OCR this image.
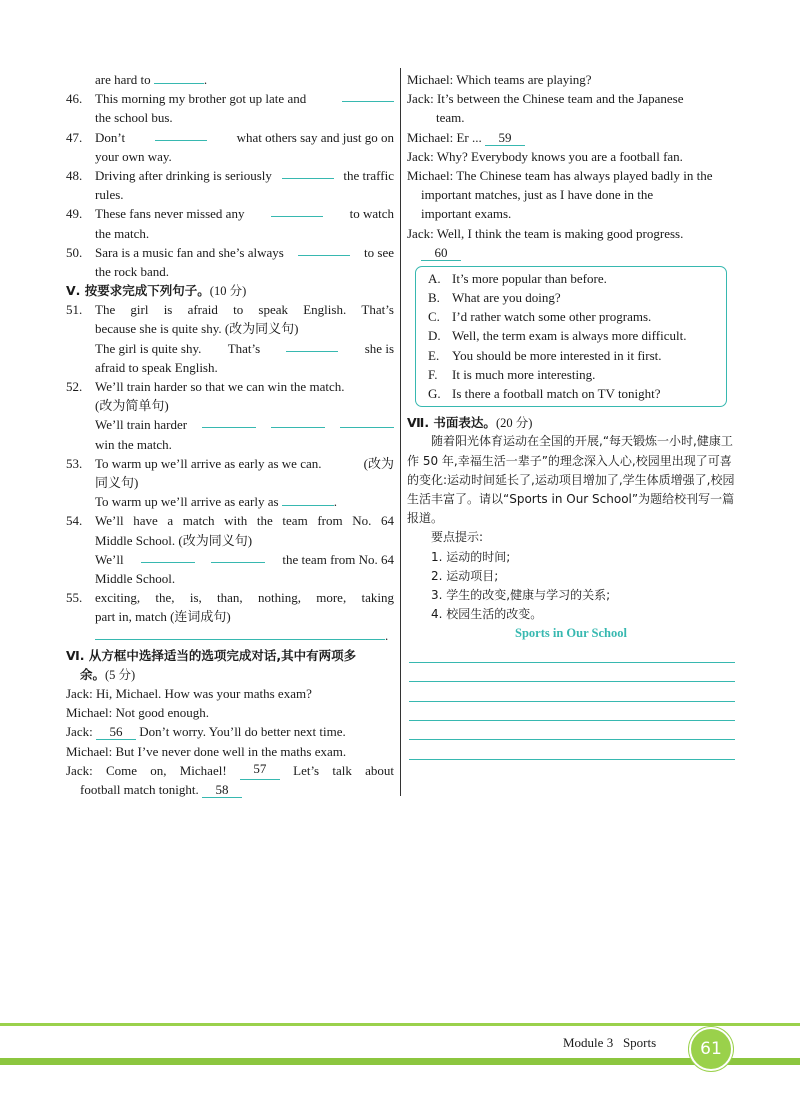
are hard to	.
46. This morning my brother got up late and
the school bus.
47. Don’t	what others say and just go on
your own way.
48. Driving after drinking is seriously	the traffic
rules.
49. These fans never missed any	to watch
the match.
50. Sara is a music fan and she’s always	to see
the rock band.
Ⅴ. 按要求完成下列句子。(10 分)
51. The girl is afraid to speak English. That’s
because she is quite shy. (改为同义句)
The girl is quite shy. That’s	she is
afraid to speak English.
52. We’ll train harder so that we can win the match.
(改为简单句)
We’ll train harder
win the match.
53. To warm up we’ll arrive as early as we can.	(改为
同义句)
To warm up we’ll arrive as early as	.
54. We’ll have a match with the team from No. 64
Middle School. (改为同义句)
We’ll	the team from No. 64
Middle School.
55. exciting, the, is, than, nothing, more, taking
part in, match (连词成句)
.
Ⅵ. 从方框中选择适当的选项完成对话,其中有两项多
余。(5 分)
Jack: Hi, Michael. How was your maths exam?
Michael: Not good enough.
Jack: 56 Don’t worry. You’ll do better next time.
Michael: But I’ve never done well in the maths exam.
Jack: Come on, Michael!	57	Let’s talk about
football match tonight. 58
Michael: Which teams are playing?
Jack: It’s between the Chinese team and the Japanese
team.
Michael: Er ... 59
Jack: Why? Everybody knows you are a football fan.
Michael: The Chinese team has always played badly in the
important matches, just as I have done in the
important exams.
Jack: Well, I think the team is making good progress.
60
A. It’s more popular than before.
B. What are you doing?
C. I’d rather watch some other programs.
D. Well, the term exam is always more difficult.
E. You should be more interested in it first.
F. It is much more interesting.
G. Is there a football match on TV tonight?
Ⅶ. 书面表达。(20 分)
随着阳光体育运动在全国的开展,“每天锻炼一小时,健康工作 50 年,幸福生活一辈子”的理念深入人心,校园里出现了可喜的变化:运动时间延长了,运动项目增加了,学生体质增强了,校园生活丰富了。请以“Sports in Our School”为题给校刊写一篇报道。
要点提示:
1. 运动的时间;
2. 运动项目;
3. 学生的改变,健康与学习的关系;
4. 校园生活的改变。
Sports in Our School
Module 3 Sports	61
